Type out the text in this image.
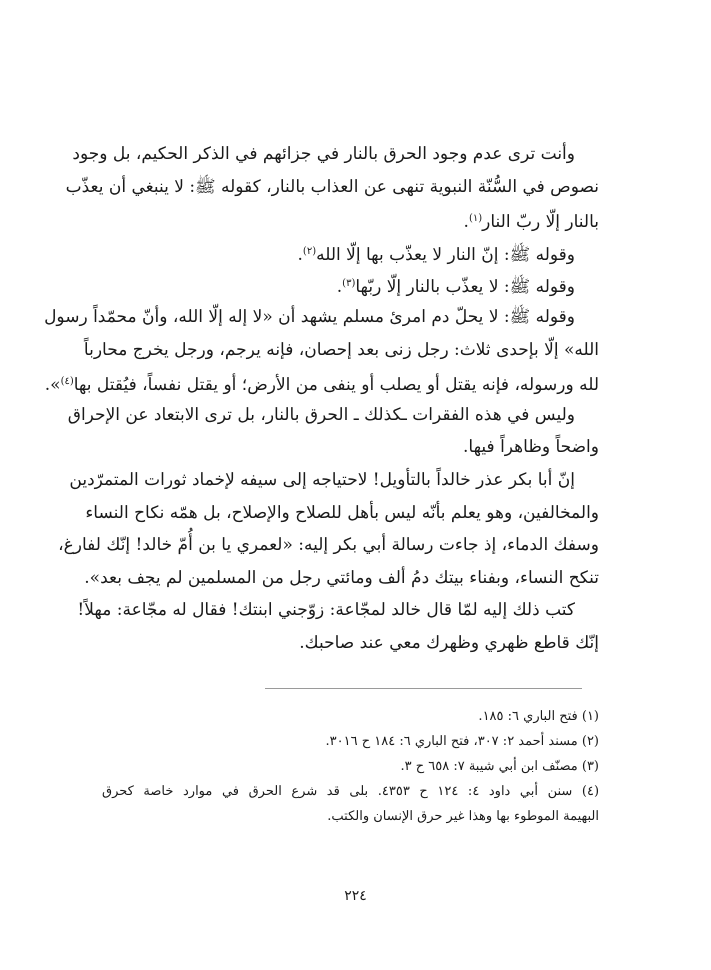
وأنت ترى عدم وجود الحرق بالنار في جزائهم في الذكر الحكيم، بل وجود
نصوص في السُّنّة النبوية تنهى عن العذاب بالنار، كقوله ﷺ: لا ينبغي أن يعذّب
بالنار إلّا ربّ النار$^{(١)}$.
وقوله ﷺ: إنّ النار لا يعذّب بها إلّا الله$^{(٢)}$.
وقوله ﷺ: لا يعذّب بالنار إلّا ربّها$^{(٣)}$.
وقوله ﷺ: لا يحلّ دم امرئ مسلم يشهد أن «لا إله إلّا الله، وأنّ محمّداً رسول
الله» إلّا بإحدى ثلاث: رجل زنى بعد إحصان، فإنه يرجم، ورجل يخرج محارباً
لله ورسوله، فإنه يقتل أو يصلب أو ينفى من الأرض؛ أو يقتل نفساً، فيُقتل بها$^{(٤)}$».
وليس في هذه الفقرات ـكذلك ـ الحرق بالنار، بل ترى الابتعاد عن الإحراق
واضحاً وظاهراً فيها.
إنّ أبا بكر عذر خالداً بالتأويل! لاحتياجه إلى سيفه لإخماد ثورات المتمرّدين
والمخالفين، وهو يعلم بأنّه ليس بأهل للصلاح والإصلاح، بل همّه نكاح النساء
وسفك الدماء، إذ جاءت رسالة أبي بكر إليه: «لعمري يا بن أُمّ خالد! إنّك لفارغ،
تنكح النساء، وبفناء بيتك دمُ ألف ومائتي رجل من المسلمين لم يجف بعد».
كتب ذلك إليه لمّا قال خالد لمجّاعة: زوّجني ابنتك! فقال له مجّاعة: مهلاً!
إنّك قاطع ظهري وظهرك معي عند صاحبك.
(١) فتح الباري ٦: ١٨٥.
(٢) مسند أحمد ٢: ٣٠٧، فتح الباري ٦: ١٨٤ ح ٣٠١٦.
(٣) مصنّف ابن أبي شيبة ٧: ٦٥٨ ح ٣.
(٤) سنن أبي داود ٤: ١٢٤ ح ٤٣٥٣. بلى قد شرع الحرق في موارد خاصة كحرق
البهيمة الموطوء بها وهذا غير حرق الإنسان والكتب.
٢٢٤
